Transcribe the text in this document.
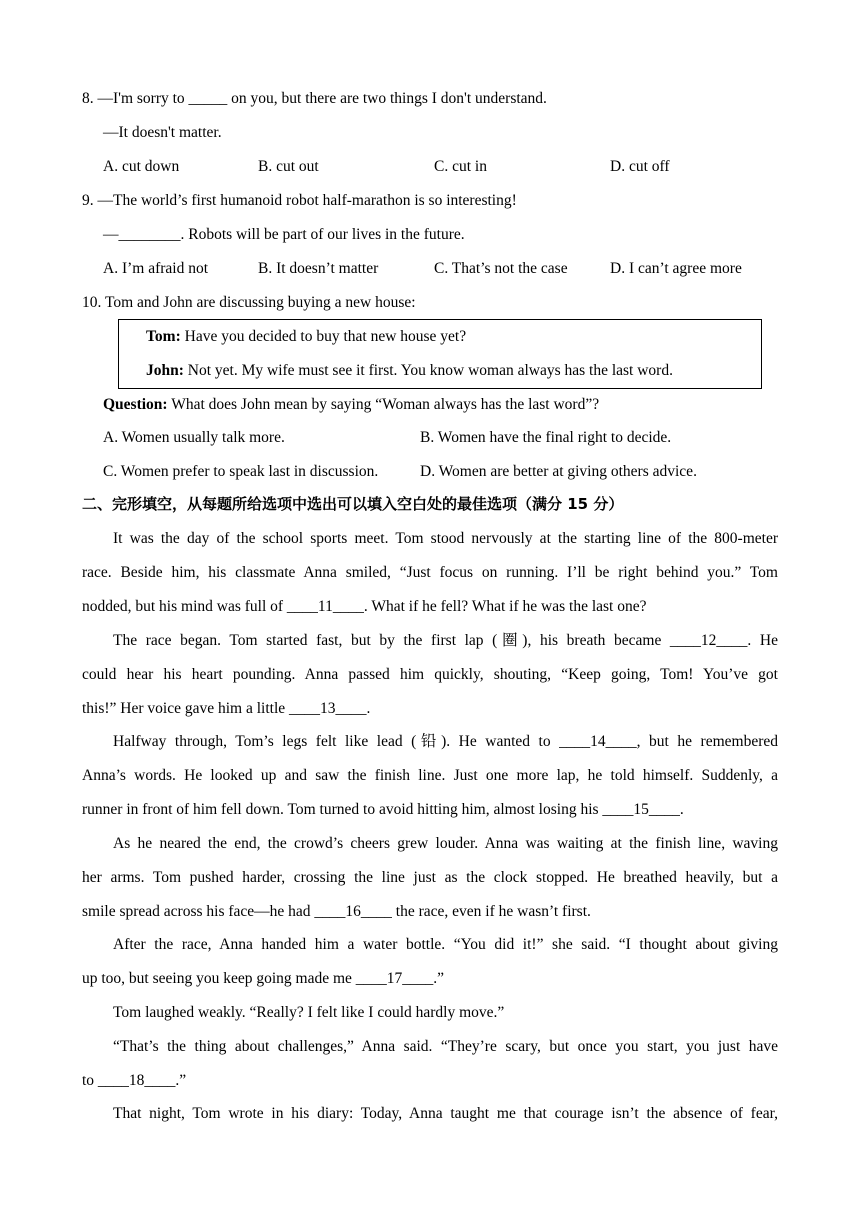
8. —I'm sorry to _____ on you, but there are two things I don't understand.
—It doesn't matter.
A. cut down	B. cut out	C. cut in	D. cut off
9. —The world’s first humanoid robot half-marathon is so interesting!
—________. Robots will be part of our lives in the future.
A. I’m afraid not	B. It doesn’t matter	C. That’s not the case	D. I can’t agree more
10. Tom and John are discussing buying a new house:
Tom: Have you decided to buy that new house yet?
John: Not yet. My wife must see it first. You know woman always has the last word.
Question: What does John mean by saying “Woman always has the last word”?
A. Women usually talk more.	B. Women have the final right to decide.
C. Women prefer to speak last in discussion.	D. Women are better at giving others advice.
二、完形填空，从每题所给选项中选出可以填入空白处的最佳选项（满分 15 分）
It was the day of the school sports meet. Tom stood nervously at the starting line of the 800-meter
race. Beside him, his classmate Anna smiled, “Just focus on running. I’ll be right behind you.” Tom
nodded, but his mind was full of ____11____. What if he fell? What if he was the last one?
The race began. Tom started fast, but by the first lap (圈), his breath became ____12____. He
could hear his heart pounding. Anna passed him quickly, shouting, “Keep going, Tom! You’ve got
this!” Her voice gave him a little ____13____.
Halfway through, Tom’s legs felt like lead (铅). He wanted to ____14____, but he remembered
Anna’s words. He looked up and saw the finish line. Just one more lap, he told himself. Suddenly, a
runner in front of him fell down. Tom turned to avoid hitting him, almost losing his ____15____.
As he neared the end, the crowd’s cheers grew louder. Anna was waiting at the finish line, waving
her arms. Tom pushed harder, crossing the line just as the clock stopped. He breathed heavily, but a
smile spread across his face—he had ____16____ the race, even if he wasn’t first.
After the race, Anna handed him a water bottle. “You did it!” she said. “I thought about giving
up too, but seeing you keep going made me ____17____.”
Tom laughed weakly. “Really? I felt like I could hardly move.”
“That’s the thing about challenges,” Anna said. “They’re scary, but once you start, you just have
to ____18____.”
That night, Tom wrote in his diary: Today, Anna taught me that courage isn’t the absence of fear,
